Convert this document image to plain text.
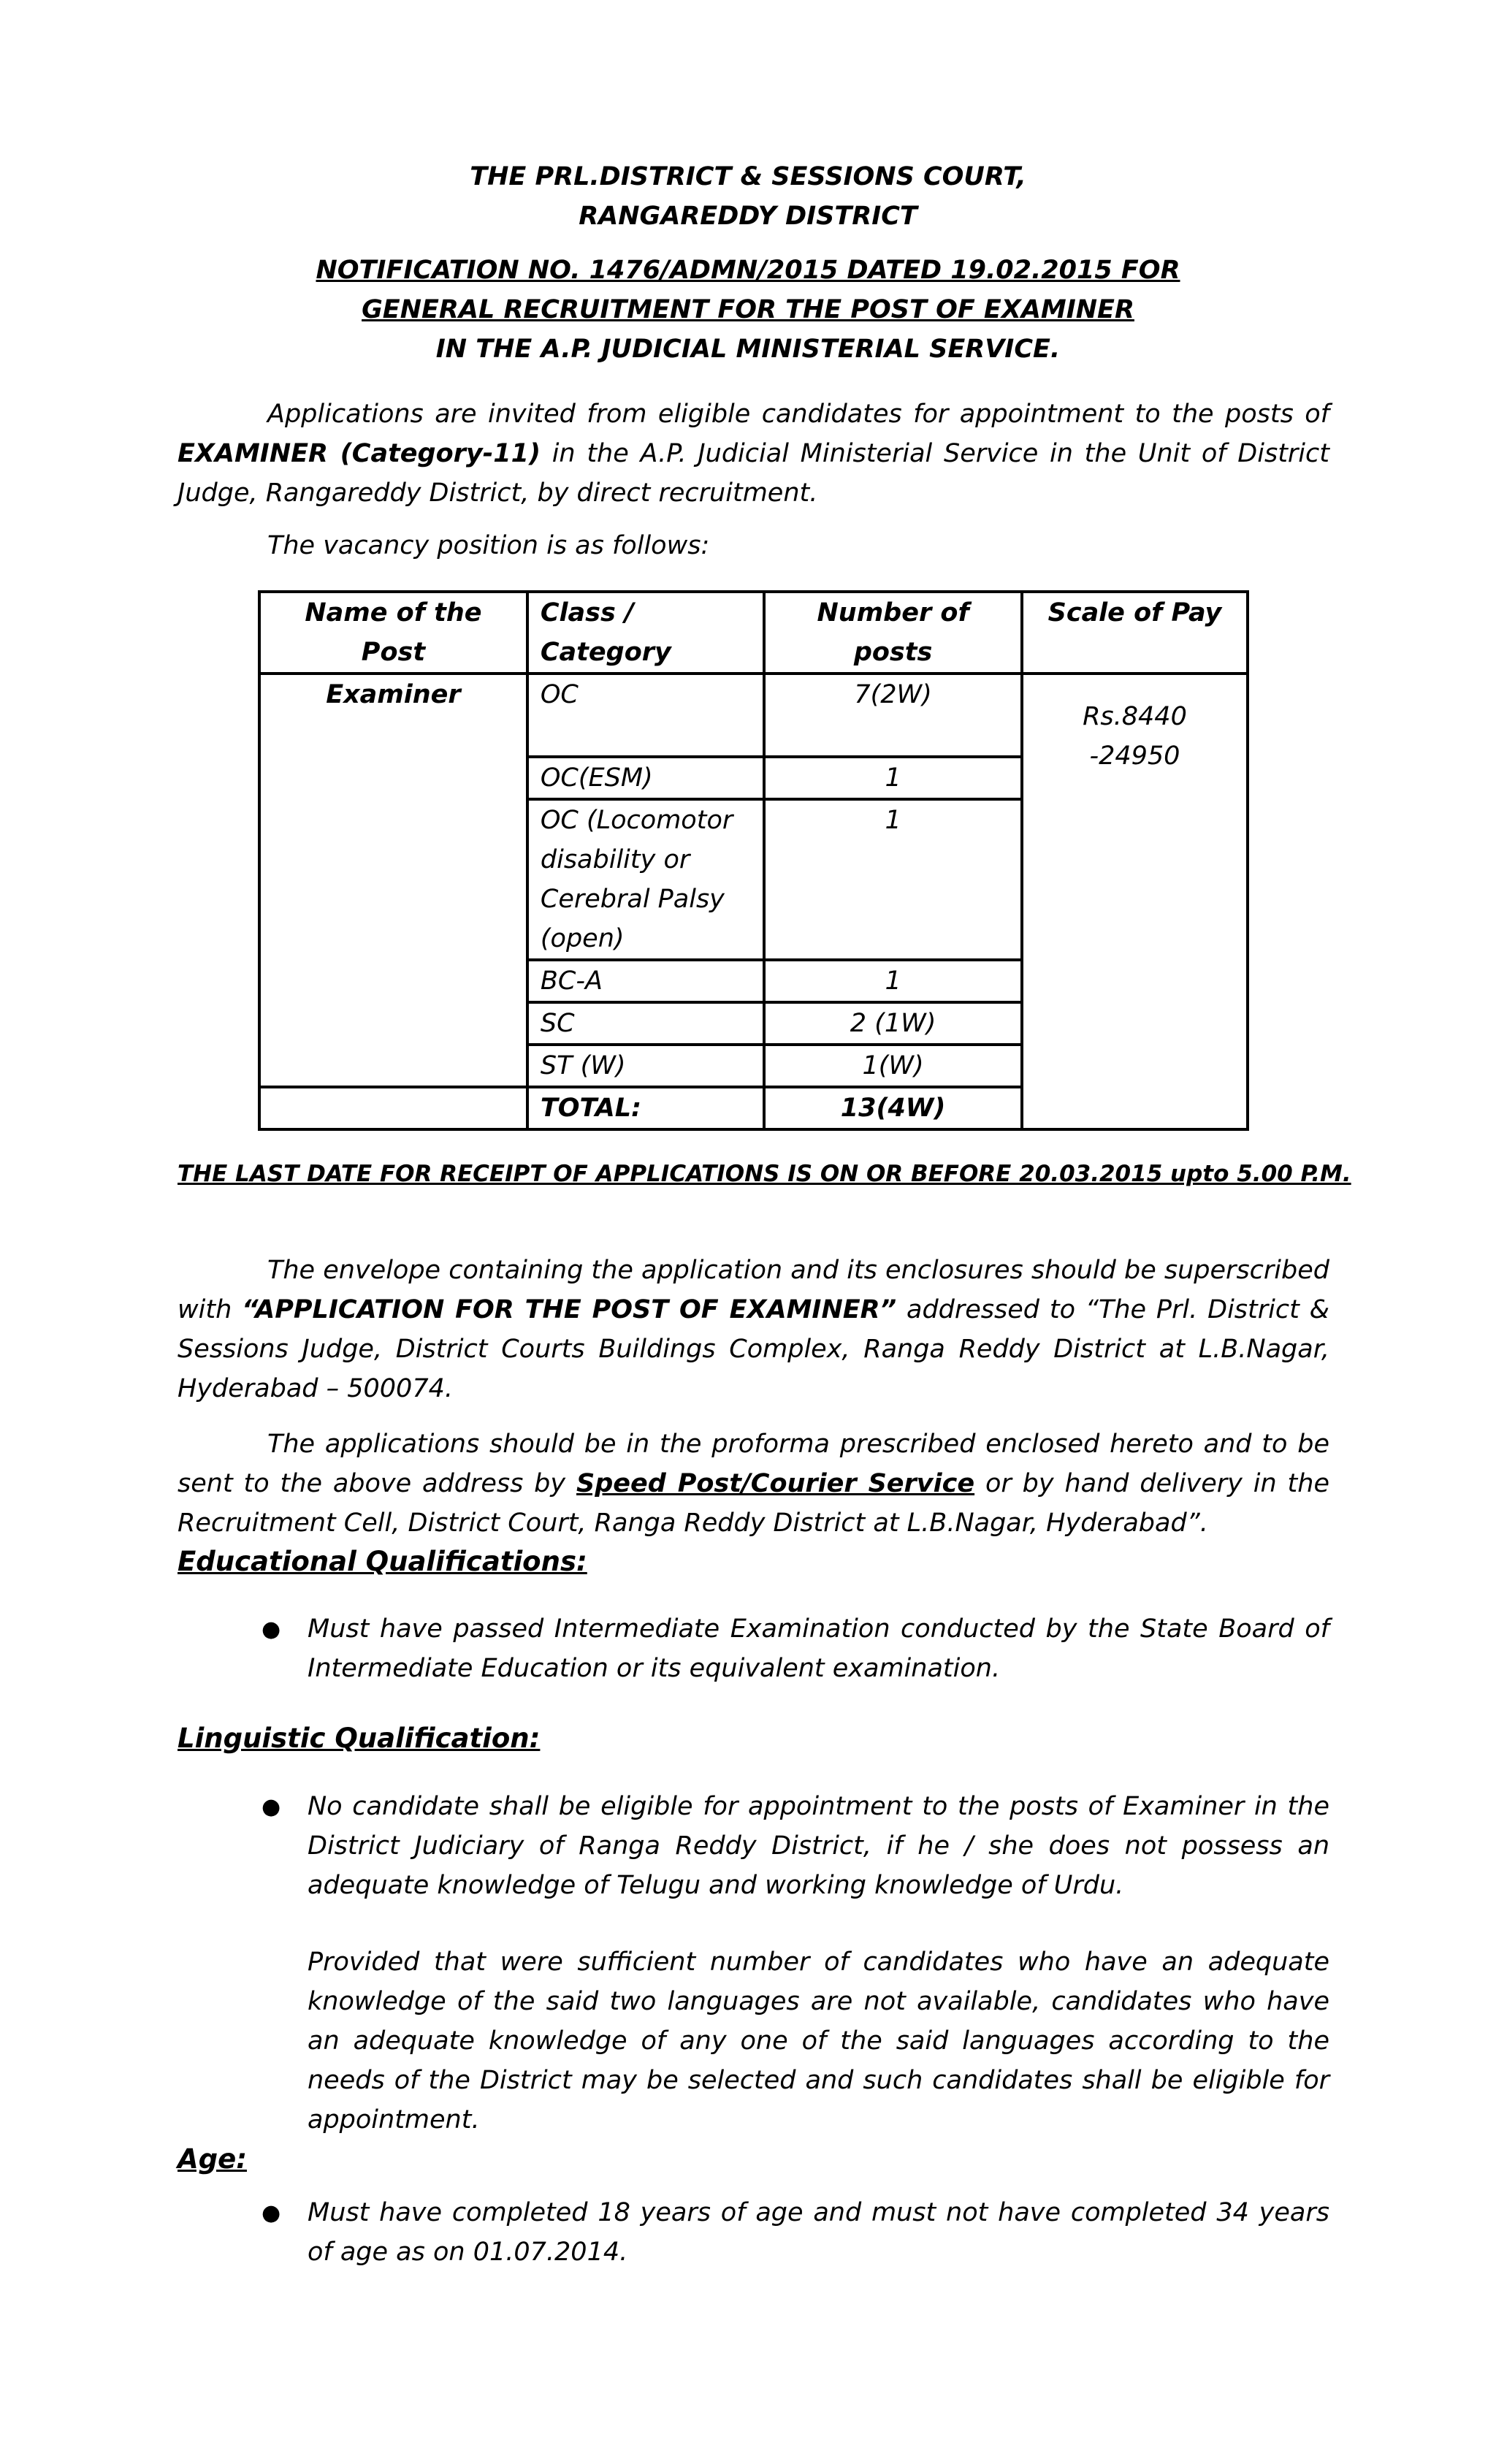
THE PRL.DISTRICT & SESSIONS COURT,
RANGAREDDY DISTRICT
NOTIFICATION NO. 1476/ADMN/2015 DATED 19.02.2015 FOR
GENERAL RECRUITMENT FOR THE POST OF EXAMINER
IN THE A.P. JUDICIAL MINISTERIAL SERVICE.
Applications are invited from eligible candidates for appointment to the posts of EXAMINER (Category-11) in the A.P. Judicial Ministerial Service in the Unit of District Judge, Rangareddy District, by direct recruitment.
The vacancy position is as follows:
Name of the Post	Class / Category	Number of posts	Scale of Pay
Examiner	OC	7(2W)	Rs.8440 -24950
	OC(ESM)	1	
	OC (Locomotor disability or Cerebral Palsy (open)	1	
	BC-A	1	
	SC	2 (1W)	
	ST (W)	1(W)	
	TOTAL:	13(4W)	
THE LAST DATE FOR RECEIPT OF APPLICATIONS IS ON OR BEFORE 20.03.2015 upto 5.00 P.M.
The envelope containing the application and its enclosures should be superscribed with “APPLICATION FOR THE POST OF EXAMINER” addressed to “The Prl. District & Sessions Judge, District Courts Buildings Complex, Ranga Reddy District at L.B.Nagar, Hyderabad – 500074.
The applications should be in the proforma prescribed enclosed hereto and to be sent to the above address by Speed Post/Courier Service or by hand delivery in the Recruitment Cell, District Court, Ranga Reddy District at L.B.Nagar, Hyderabad”.
Educational Qualifications:
● Must have passed Intermediate Examination conducted by the State Board of Intermediate Education or its equivalent examination.
Linguistic Qualification:
● No candidate shall be eligible for appointment to the posts of Examiner in the District Judiciary of Ranga Reddy District, if he / she does not possess an adequate knowledge of Telugu and working knowledge of Urdu.
Provided that were sufficient number of candidates who have an adequate knowledge of the said two languages are not available, candidates who have an adequate knowledge of any one of the said languages according to the needs of the District may be selected and such candidates shall be eligible for appointment.
Age:
● Must have completed 18 years of age and must not have completed 34 years of age as on 01.07.2014.
